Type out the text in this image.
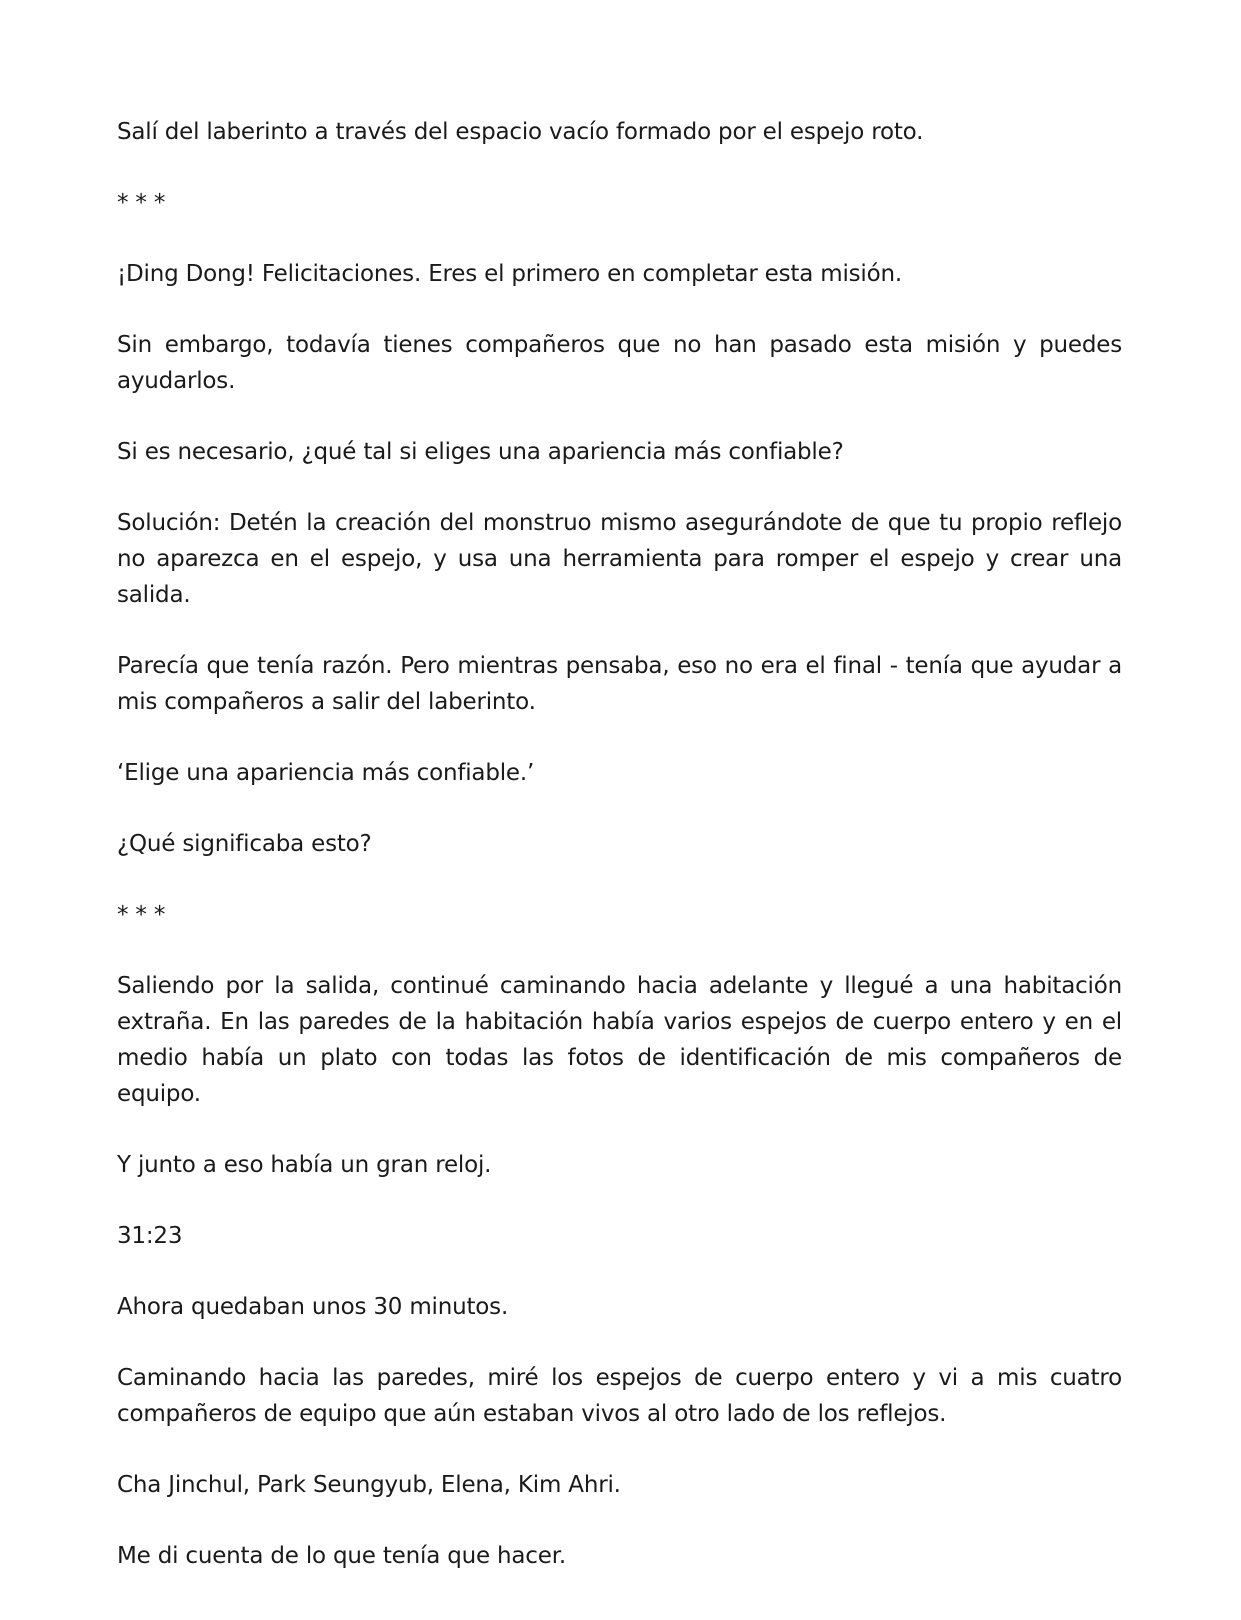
Salí del laberinto a través del espacio vacío formado por el espejo roto.

* * *

¡Ding Dong! Felicitaciones. Eres el primero en completar esta misión.

Sin embargo, todavía tienes compañeros que no han pasado esta misión y puedes ayudarlos.

Si es necesario, ¿qué tal si eliges una apariencia más confiable?

Solución: Detén la creación del monstruo mismo asegurándote de que tu propio reflejo no aparezca en el espejo, y usa una herramienta para romper el espejo y crear una salida.

Parecía que tenía razón. Pero mientras pensaba, eso no era el final - tenía que ayudar a mis compañeros a salir del laberinto.

‘Elige una apariencia más confiable.’

¿Qué significaba esto?

* * *

Saliendo por la salida, continué caminando hacia adelante y llegué a una habitación extraña. En las paredes de la habitación había varios espejos de cuerpo entero y en el medio había un plato con todas las fotos de identificación de mis compañeros de equipo.

Y junto a eso había un gran reloj.

31:23

Ahora quedaban unos 30 minutos.

Caminando hacia las paredes, miré los espejos de cuerpo entero y vi a mis cuatro compañeros de equipo que aún estaban vivos al otro lado de los reflejos.

Cha Jinchul, Park Seungyub, Elena, Kim Ahri.

Me di cuenta de lo que tenía que hacer.
